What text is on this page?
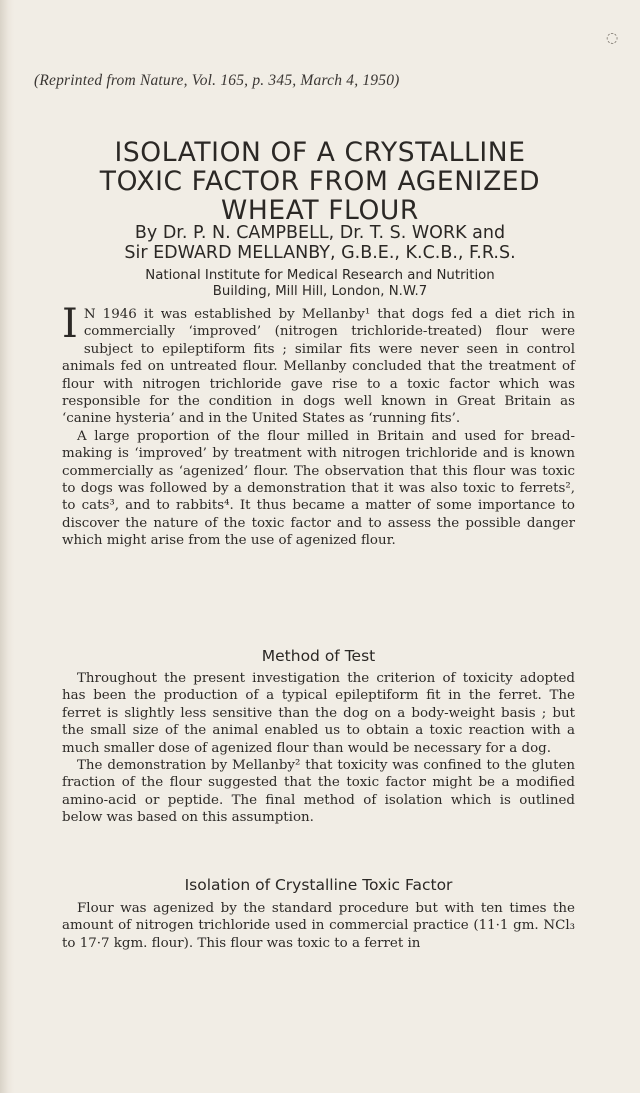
(Reprinted from Nature, Vol. 165, p. 345, March 4, 1950)
ISOLATION OF A CRYSTALLINE
TOXIC FACTOR FROM AGENIZED
WHEAT FLOUR
By Dr. P. N. CAMPBELL, Dr. T. S. WORK and
Sir EDWARD MELLANBY, G.B.E., K.C.B., F.R.S.
National Institute for Medical Research and Nutrition
Building, Mill Hill, London, N.W.7

I N 1946 it was established by Mellanby¹ that dogs fed a diet rich in commercially ‘improved’ (nitrogen trichloride-treated) flour were subject to epileptiform fits ; similar fits were never seen in control animals fed on untreated flour. Mellanby concluded that the treatment of flour with nitrogen trichloride gave rise to a toxic factor which was responsible for the condition in dogs well known in Great Britain as ‘canine hysteria’ and in the United States as ‘running fits’.

A large proportion of the flour milled in Britain and used for bread-making is ‘improved’ by treatment with nitrogen trichloride and is known commercially as ‘agenized’ flour. The observation that this flour was toxic to dogs was followed by a demonstration that it was also toxic to ferrets², to cats³, and to rabbits⁴. It thus became a matter of some importance to discover the nature of the toxic factor and to assess the possible danger which might arise from the use of agenized flour.

Method of Test

Throughout the present investigation the criterion of toxicity adopted has been the production of a typical epileptiform fit in the ferret. The ferret is slightly less sensitive than the dog on a body-weight basis ; but the small size of the animal enabled us to obtain a toxic reaction with a much smaller dose of agenized flour than would be necessary for a dog.

The demonstration by Mellanby² that toxicity was confined to the gluten fraction of the flour suggested that the toxic factor might be a modified amino-acid or peptide. The final method of isolation which is outlined below was based on this assumption.

Isolation of Crystalline Toxic Factor

Flour was agenized by the standard procedure but with ten times the amount of nitrogen trichloride used in commercial practice (11·1 gm. NCl₃ to 17·7 kgm. flour). This flour was toxic to a ferret in

◌
